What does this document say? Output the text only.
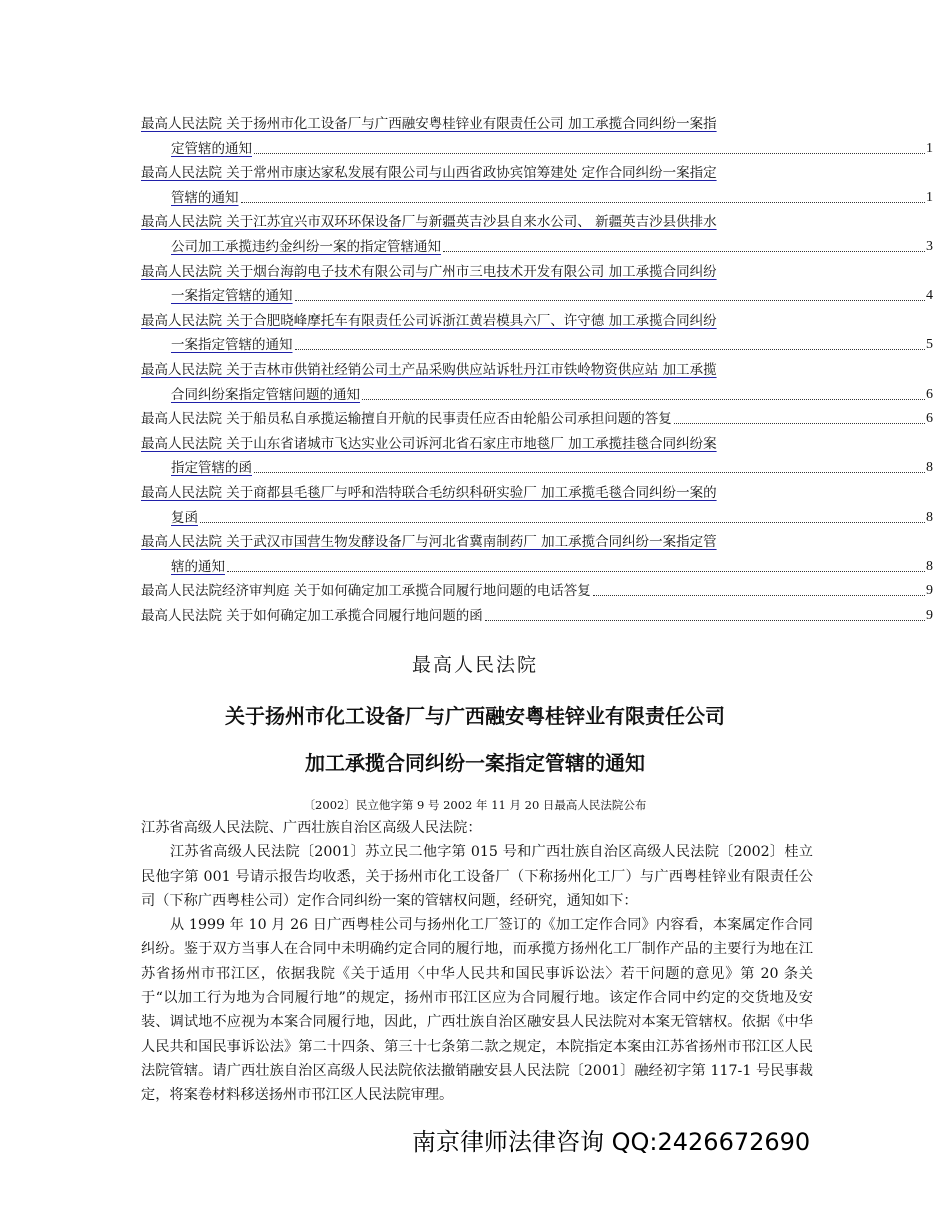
最高人民法院 关于扬州市化工设备厂与广西融安粤桂锌业有限责任公司 加工承揽合同纠纷一案指
定管辖的通知	1
最高人民法院 关于常州市康达家私发展有限公司与山西省政协宾馆筹建处 定作合同纠纷一案指定
管辖的通知	1
最高人民法院 关于江苏宜兴市双环环保设备厂与新疆英吉沙县自来水公司、 新疆英吉沙县供排水
公司加工承揽违约金纠纷一案的指定管辖通知	3
最高人民法院 关于烟台海韵电子技术有限公司与广州市三电技术开发有限公司 加工承揽合同纠纷
一案指定管辖的通知	4
最高人民法院 关于合肥晓峰摩托车有限责任公司诉浙江黄岩模具六厂、许守德 加工承揽合同纠纷
一案指定管辖的通知	5
最高人民法院 关于吉林市供销社经销公司土产品采购供应站诉牡丹江市铁岭物资供应站 加工承揽
合同纠纷案指定管辖问题的通知	6
最高人民法院 关于船员私自承揽运输擅自开航的民事责任应否由轮船公司承担问题的答复	6
最高人民法院 关于山东省诸城市飞达实业公司诉河北省石家庄市地毯厂 加工承揽挂毯合同纠纷案
指定管辖的函	8
最高人民法院 关于商都县毛毯厂与呼和浩特联合毛纺织科研实验厂 加工承揽毛毯合同纠纷一案的
复函	8
最高人民法院 关于武汉市国营生物发酵设备厂与河北省冀南制药厂 加工承揽合同纠纷一案指定管
辖的通知	8
最高人民法院经济审判庭 关于如何确定加工承揽合同履行地问题的电话答复	9
最高人民法院 关于如何确定加工承揽合同履行地问题的函	9
最高人民法院
关于扬州市化工设备厂与广西融安粤桂锌业有限责任公司
加工承揽合同纠纷一案指定管辖的通知
〔2002〕民立他字第 9 号 2002 年 11 月 20 日最高人民法院公布

江苏省高级人民法院、广西壮族自治区高级人民法院：

江苏省高级人民法院〔2001〕苏立民二他字第 015 号和广西壮族自治区高级人民法院〔2002〕桂立民他字第 001 号请示报告均收悉，关于扬州市化工设备厂（下称扬州化工厂）与广西粤桂锌业有限责任公司（下称广西粤桂公司）定作合同纠纷一案的管辖权问题，经研究，通知如下：

从 1999 年 10 月 26 日广西粤桂公司与扬州化工厂签订的《加工定作合同》内容看，本案属定作合同纠纷。鉴于双方当事人在合同中未明确约定合同的履行地，而承揽方扬州化工厂制作产品的主要行为地在江苏省扬州市邗江区，依据我院《关于适用〈中华人民共和国民事诉讼法〉若干问题的意见》第 20 条关于“以加工行为地为合同履行地”的规定，扬州市邗江区应为合同履行地。该定作合同中约定的交货地及安装、调试地不应视为本案合同履行地，因此，广西壮族自治区融安县人民法院对本案无管辖权。依据《中华人民共和国民事诉讼法》第二十四条、第三十七条第二款之规定，本院指定本案由江苏省扬州市邗江区人民法院管辖。请广西壮族自治区高级人民法院依法撤销融安县人民法院〔2001〕融经初字第 117-1 号民事裁定，将案卷材料移送扬州市邗江区人民法院审理。

南京律师法律咨询 QQ:2426672690
